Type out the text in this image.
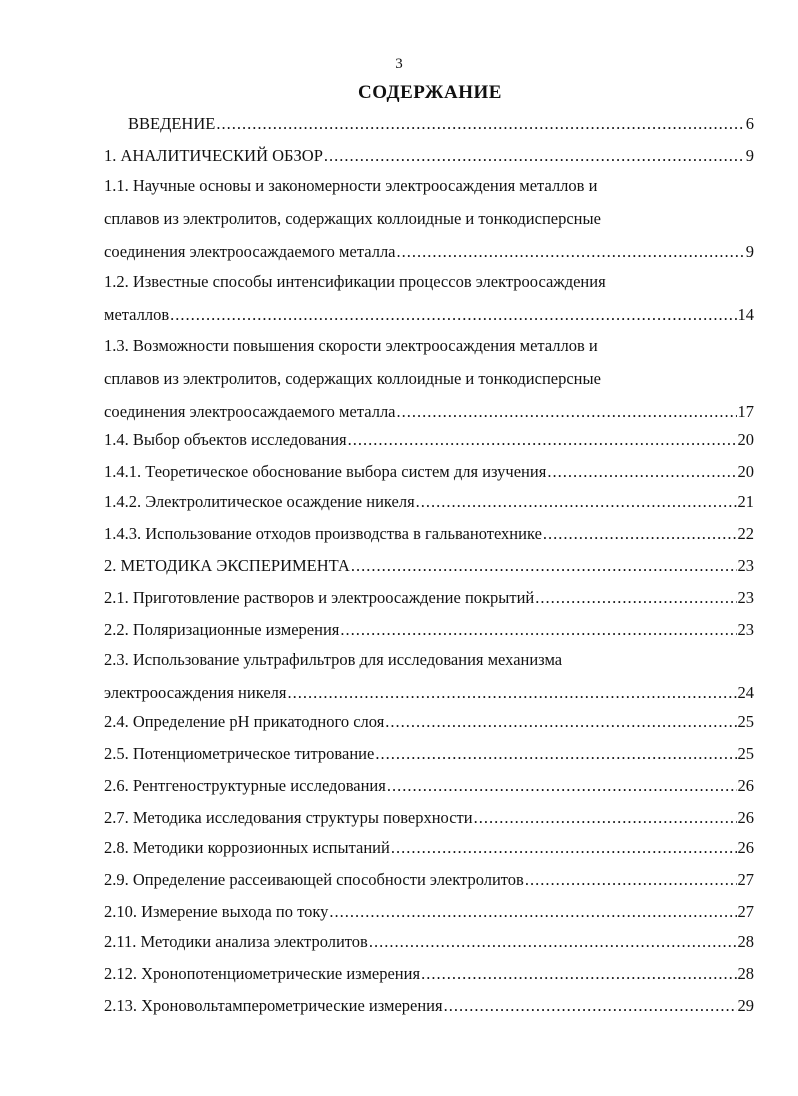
3
СОДЕРЖАНИЕ
ВВЕДЕНИЕ .....	6
1. АНАЛИТИЧЕСКИЙ ОБЗОР .....	9
1.1. Научные основы и закономерности электроосаждения металлов и
сплавов из электролитов, содержащих коллоидные и тонкодисперсные
соединения электроосаждаемого металла .....	9
1.2. Известные способы интенсификации процессов электроосаждения
металлов .....	14
1.3. Возможности повышения скорости электроосаждения металлов и
сплавов из электролитов, содержащих коллоидные и тонкодисперсные
соединения электроосаждаемого металла .....	17
1.4. Выбор объектов исследования .....	20
1.4.1. Теоретическое обоснование выбора систем для изучения .....	20
1.4.2. Электролитическое осаждение никеля .....	21
1.4.3. Использование отходов производства в гальванотехнике .....	22
2. МЕТОДИКА ЭКСПЕРИМЕНТА .....	23
2.1. Приготовление растворов и электроосаждение покрытий .....	23
2.2. Поляризационные измерения .....	23
2.3. Использование ультрафильтров для исследования механизма
электроосаждения никеля .....	24
2.4. Определение pH прикатодного слоя .....	25
2.5. Потенциометрическое титрование .....	25
2.6. Рентгеноструктурные исследования .....	26
2.7. Методика исследования структуры поверхности .....	26
2.8. Методики коррозионных испытаний .....	26
2.9. Определение рассеивающей способности электролитов .....	27
2.10. Измерение выхода по току .....	27
2.11. Методики анализа электролитов .....	28
2.12. Хронопотенциометрические измерения .....	28
2.13. Хроновольтамперометрические измерения .....	29
